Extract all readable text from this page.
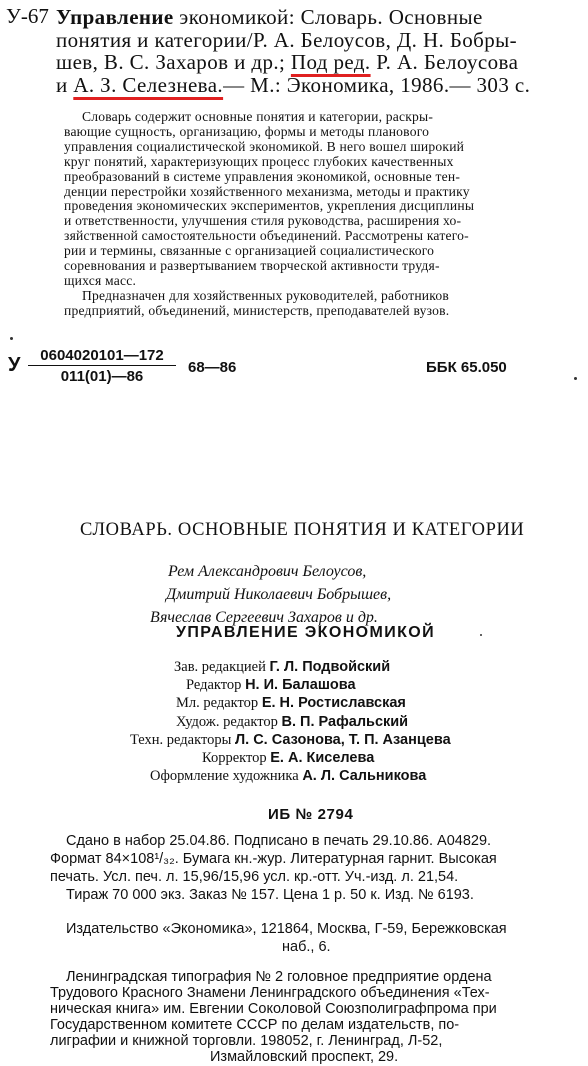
У-67 Управление экономикой: Словарь. Основные
понятия и категории/Р. А. Белоусов, Д. Н. Бобры-
шев, В. С. Захаров и др.; Под ред. Р. А. Белоусова
и А. З. Селезнева.— М.: Экономика, 1986.— 303 с.
Словарь содержит основные понятия и категории, раскры-
вающие сущность, организацию, формы и методы планового
управления социалистической экономикой. В него вошел широкий
круг понятий, характеризующих процесс глубоких качественных
преобразований в системе управления экономикой, основные тен-
денции перестройки хозяйственного механизма, методы и практику
проведения экономических экспериментов, укрепления дисциплины
и ответственности, улучшения стиля руководства, расширения хо-
зяйственной самостоятельности объединений. Рассмотрены катего-
рии и термины, связанные с организацией социалистического
соревнования и развертыванием творческой активности трудя-
щихся масс.
Предназначен для хозяйственных руководителей, работников
предприятий, объединений, министерств, преподавателей вузов.
У $\frac{0604020101—172}{011(01)—86}$ 68—86	ББК 65.050
СЛОВАРЬ. ОСНОВНЫЕ ПОНЯТИЯ И КАТЕГОРИИ
Рем Александрович Белоусов,
Дмитрий Николаевич Бобрышев,
Вячеслав Сергеевич Захаров и др.
УПРАВЛЕНИЕ ЭКОНОМИКОЙ
Зав. редакцией Г. Л. Подвойский
Редактор Н. И. Балашова
Мл. редактор Е. Н. Ростиславская
Худож. редактор В. П. Рафальский
Техн. редакторы Л. С. Сазонова, Т. П. Азанцева
Корректор Е. А. Киселева
Оформление художника А. Л. Сальникова
ИБ № 2794
Сдано в набор 25.04.86. Подписано в печать 29.10.86. А04829.
Формат 84×108¹/₃₂. Бумага кн.-жур. Литературная гарнит. Высокая
печать. Усл. печ. л. 15,96/15,96 усл. кр.-отт. Уч.-изд. л. 21,54.
Тираж 70 000 экз. Заказ № 157. Цена 1 р. 50 к. Изд. № 6193.
Издательство «Экономика», 121864, Москва, Г-59, Бережковская
наб., 6.
Ленинградская типография № 2 головное предприятие ордена
Трудового Красного Знамени Ленинградского объединения «Тех-
ническая книга» им. Евгении Соколовой Союзполиграфпрома при
Государственном комитете СССР по делам издательств, по-
лиграфии и книжной торговли. 198052, г. Ленинград, Л-52,
Измайловский проспект, 29.
